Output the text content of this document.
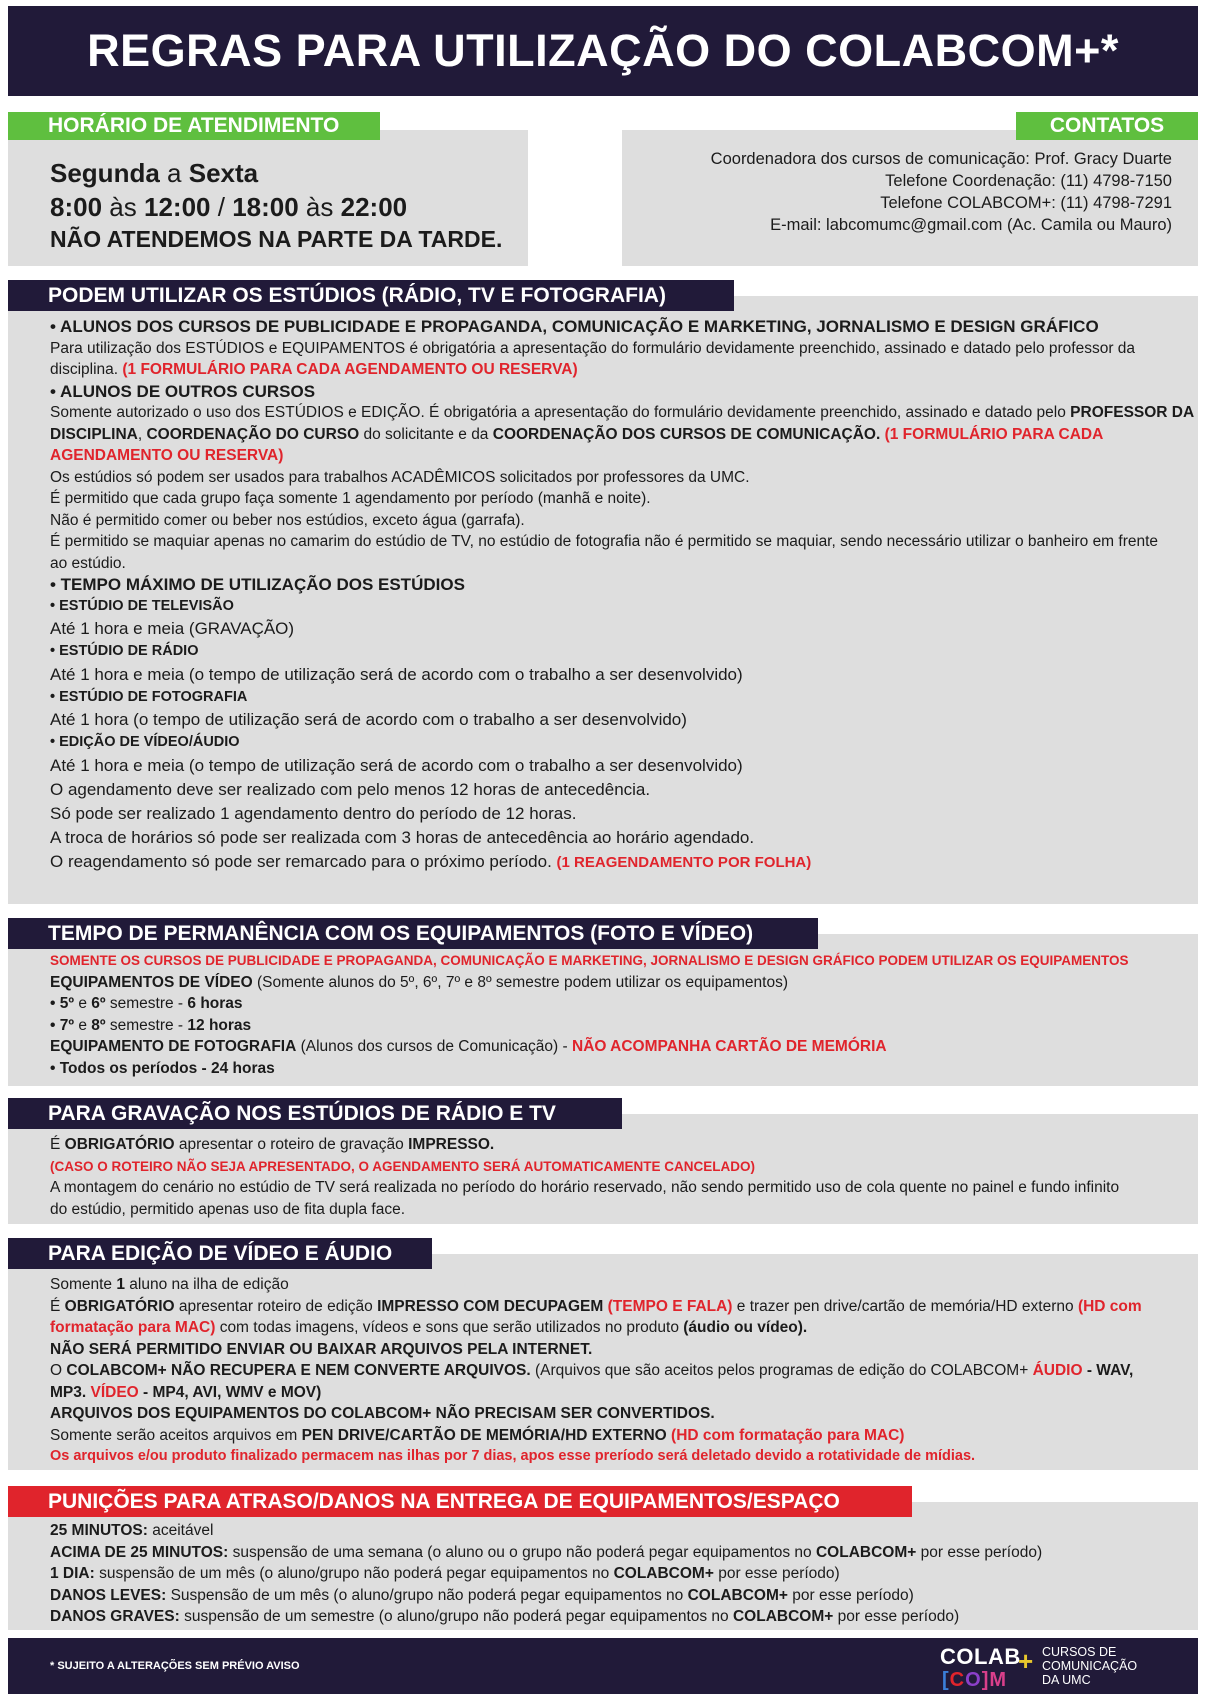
REGRAS PARA UTILIZAÇÃO DO COLABCOM+*
Segunda a Sexta
8:00 às 12:00 / 18:00 às 22:00
NÃO ATENDEMOS NA PARTE DA TARDE.
HORÁRIO DE ATENDIMENTO
Coordenadora dos cursos de comunicação: Prof. Gracy Duarte
Telefone Coordenação: (11) 4798-7150
Telefone COLABCOM+: (11) 4798-7291
E-mail: labcomumc@gmail.com (Ac. Camila ou Mauro)
CONTATOS
• ALUNOS DOS CURSOS DE PUBLICIDADE E PROPAGANDA, COMUNICAÇÃO E MARKETING, JORNALISMO E DESIGN GRÁFICO
Para utilização dos ESTÚDIOS e EQUIPAMENTOS é obrigatória a apresentação do formulário devidamente preenchido, assinado e datado pelo professor da disciplina. (1 FORMULÁRIO PARA CADA AGENDAMENTO OU RESERVA)
• ALUNOS DE OUTROS CURSOS
Somente autorizado o uso dos ESTÚDIOS e EDIÇÃO. É obrigatória a apresentação do formulário devidamente preenchido, assinado e datado pelo PROFESSOR DA DISCIPLINA, COORDENAÇÃO DO CURSO do solicitante e da COORDENAÇÃO DOS CURSOS DE COMUNICAÇÃO. (1 FORMULÁRIO PARA CADA AGENDAMENTO OU RESERVA)
Os estúdios só podem ser usados para trabalhos ACADÊMICOS solicitados por professores da UMC.
É permitido que cada grupo faça somente 1 agendamento por período (manhã e noite).
Não é permitido comer ou beber nos estúdios, exceto água (garrafa).
É permitido se maquiar apenas no camarim do estúdio de TV, no estúdio de fotografia não é permitido se maquiar, sendo necessário utilizar o banheiro em frente ao estúdio.
• TEMPO MÁXIMO DE UTILIZAÇÃO DOS ESTÚDIOS
• ESTÚDIO DE TELEVISÃO
Até 1 hora e meia (GRAVAÇÃO)
• ESTÚDIO DE RÁDIO
Até 1 hora e meia (o tempo de utilização será de acordo com o trabalho a ser desenvolvido)
• ESTÚDIO DE FOTOGRAFIA
Até 1 hora (o tempo de utilização será de acordo com o trabalho a ser desenvolvido)
• EDIÇÃO DE VÍDEO/ÁUDIO
Até 1 hora e meia (o tempo de utilização será de acordo com o trabalho a ser desenvolvido)
O agendamento deve ser realizado com pelo menos 12 horas de antecedência.
Só pode ser realizado 1 agendamento dentro do período de 12 horas.
A troca de horários só pode ser realizada com 3 horas de antecedência ao horário agendado.
O reagendamento só pode ser remarcado para o próximo período. (1 REAGENDAMENTO POR FOLHA)
PODEM UTILIZAR OS ESTÚDIOS (RÁDIO, TV E FOTOGRAFIA)
SOMENTE OS CURSOS DE PUBLICIDADE E PROPAGANDA, COMUNICAÇÃO E MARKETING, JORNALISMO E DESIGN GRÁFICO PODEM UTILIZAR OS EQUIPAMENTOS
EQUIPAMENTOS DE VÍDEO (Somente alunos do 5º, 6º, 7º e 8º semestre podem utilizar os equipamentos)
• 5º e 6º semestre - 6 horas
• 7º e 8º semestre - 12 horas
EQUIPAMENTO DE FOTOGRAFIA (Alunos dos cursos de Comunicação) - NÃO ACOMPANHA CARTÃO DE MEMÓRIA
• Todos os períodos - 24 horas
TEMPO DE PERMANÊNCIA COM OS EQUIPAMENTOS (FOTO E VÍDEO)
É OBRIGATÓRIO apresentar o roteiro de gravação IMPRESSO.
(CASO O ROTEIRO NÃO SEJA APRESENTADO, O AGENDAMENTO SERÁ AUTOMATICAMENTE CANCELADO)
A montagem do cenário no estúdio de TV será realizada no período do horário reservado, não sendo permitido uso de cola quente no painel e fundo infinito do estúdio, permitido apenas uso de fita dupla face.
PARA GRAVAÇÃO NOS ESTÚDIOS DE RÁDIO E TV
Somente 1 aluno na ilha de edição
É OBRIGATÓRIO apresentar roteiro de edição IMPRESSO COM DECUPAGEM (TEMPO E FALA) e trazer pen drive/cartão de memória/HD externo (HD com formatação para MAC) com todas imagens, vídeos e sons que serão utilizados no produto (áudio ou vídeo).
NÃO SERÁ PERMITIDO ENVIAR OU BAIXAR ARQUIVOS PELA INTERNET.
O COLABCOM+ NÃO RECUPERA E NEM CONVERTE ARQUIVOS. (Arquivos que são aceitos pelos programas de edição do COLABCOM+ ÁUDIO - WAV, MP3. VÍDEO - MP4, AVI, WMV e MOV)
ARQUIVOS DOS EQUIPAMENTOS DO COLABCOM+ NÃO PRECISAM SER CONVERTIDOS.
Somente serão aceitos arquivos em PEN DRIVE/CARTÃO DE MEMÓRIA/HD EXTERNO (HD com formatação para MAC)
Os arquivos e/ou produto finalizado permacem nas ilhas por 7 dias, apos esse preríodo será deletado devido a rotatividade de mídias.
PARA EDIÇÃO DE VÍDEO E ÁUDIO
25 MINUTOS: aceitável
ACIMA DE 25 MINUTOS: suspensão de uma semana (o aluno ou o grupo não poderá pegar equipamentos no COLABCOM+ por esse período)
1 DIA: suspensão de um mês (o aluno/grupo não poderá pegar equipamentos no COLABCOM+ por esse período)
DANOS LEVES: Suspensão de um mês (o aluno/grupo não poderá pegar equipamentos no COLABCOM+ por esse período)
DANOS GRAVES: suspensão de um semestre (o aluno/grupo não poderá pegar equipamentos no COLABCOM+ por esse período)
PUNIÇÕES PARA ATRASO/DANOS NA ENTREGA DE EQUIPAMENTOS/ESPAÇO
* SUJEITO A ALTERAÇÕES SEM PRÉVIO AVISO	COLAB
+
[CO]M
CURSOS DE
COMUNICAÇÃO
DA UMC
